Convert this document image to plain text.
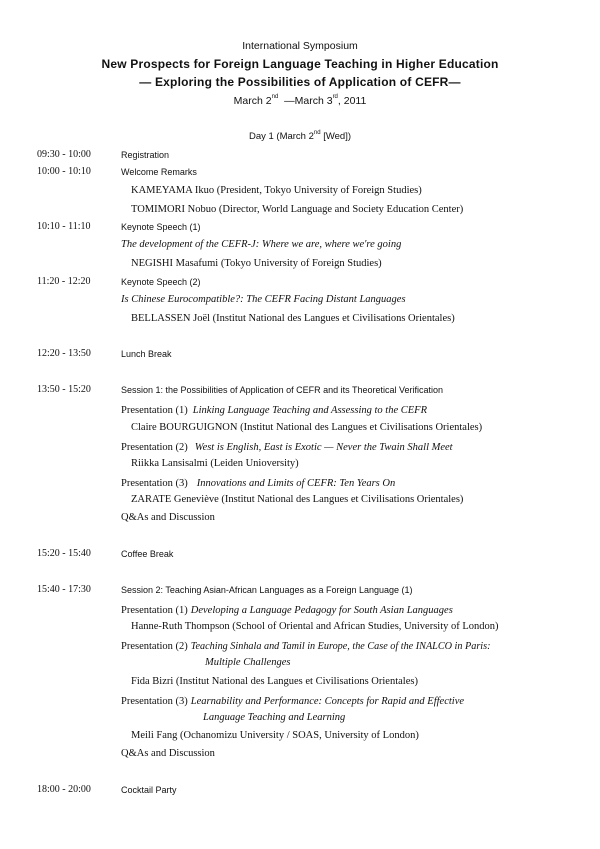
International Symposium
New Prospects for Foreign Language Teaching in Higher Education
— Exploring the Possibilities of Application of CEFR—
March 2nd  —March 3rd, 2011
Day 1 (March 2nd [Wed])
09:30 - 10:00	Registration
10:00 - 10:10	Welcome Remarks
KAMEYAMA Ikuo (President, Tokyo University of Foreign Studies)
TOMIMORI Nobuo (Director, World Language and Society Education Center)
10:10 - 11:10	Keynote Speech (1)
The development of the CEFR-J: Where we are, where we're going
NEGISHI Masafumi (Tokyo University of Foreign Studies)
11:20 - 12:20	Keynote Speech (2)
Is Chinese Eurocompatible?: The CEFR Facing Distant Languages
BELLASSEN Joël (Institut National des Langues et Civilisations Orientales)
12:20 - 13:50	Lunch Break
13:50 - 15:20	Session 1: the Possibilities of Application of CEFR and its Theoretical Verification
Presentation (1) Linking Language Teaching and Assessing to the CEFR
Claire BOURGUIGNON (Institut National des Langues et Civilisations Orientales)
Presentation (2) West is English, East is Exotic — Never the Twain Shall Meet
Riikka Lansisalmi (Leiden Unioversity)
Presentation (3) Innovations and Limits of CEFR: Ten Years On
ZARATE Geneviève (Institut National des Langues et Civilisations Orientales)
Q&As and Discussion
15:20 - 15:40	Coffee Break
15:40 - 17:30	Session 2: Teaching Asian-African Languages as a Foreign Language (1)
Presentation (1) Developing a Language Pedagogy for South Asian Languages
Hanne-Ruth Thompson (School of Oriental and African Studies, University of London)
Presentation (2) Teaching Sinhala and Tamil in Europe, the Case of the INALCO in Paris:
Multiple Challenges
Fida Bizri (Institut National des Langues et Civilisations Orientales)
Presentation (3) Learnability and Performance: Concepts for Rapid and Effective
Language Teaching and Learning
Meili Fang (Ochanomizu University / SOAS, University of London)
Q&As and Discussion
18:00 - 20:00	Cocktail Party
